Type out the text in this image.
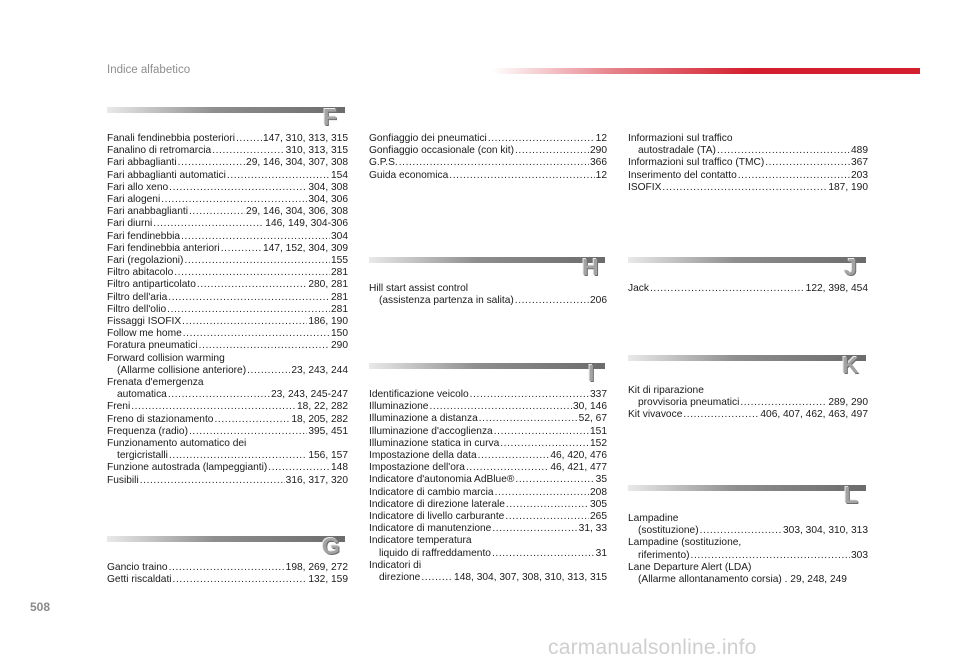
Indice alfabetico
F
Fanali fendinebbia posteriori .....	147, 310, 313, 315
Fanalino di retromarcia .....	310, 313, 315
Fari abbaglianti .....	29, 146, 304, 307, 308
Fari abbaglianti automatici .....	154
Fari allo xeno .....	304, 308
Fari alogeni .....	304, 306
Fari anabbaglianti .....	29, 146, 304, 306, 308
Fari diurni .....	146, 149, 304-306
Fari fendinebbia .....	304
Fari fendinebbia anteriori .....	147, 152, 304, 309
Fari (regolazioni) .....	155
Filtro abitacolo .....	281
Filtro antiparticolato .....	280, 281
Filtro dell'aria .....	281
Filtro dell'olio .....	281
Fissaggi ISOFIX .....	186, 190
Follow me home .....	150
Foratura pneumatici .....	290
Forward collision warming
(Allarme collisione anteriore) .....	23, 243, 244
Frenata d'emergenza
automatica .....	23, 243, 245-247
Freni .....	18, 22, 282
Freno di stazionamento .....	18, 205, 282
Frequenza (radio) .....	395, 451
Funzionamento automatico dei
tergicristalli .....	156, 157
Funzione autostrada (lampeggianti) .....	148
Fusibili .....	316, 317, 320
G
Gancio traino .....	198, 269, 272
Getti riscaldati .....	132, 159
Gonfiaggio dei pneumatici .....	12
Gonfiaggio occasionale (con kit) .....	290
G.P.S. .....	366
Guida economica .....	12
H
Hill start assist control
(assistenza partenza in salita) .....	206
I
Identificazione veicolo .....	337
Illuminazione .....	30, 146
Illuminazione a distanza .....	52, 67
Illuminazione d'accoglienza .....	151
Illuminazione statica in curva .....	152
Impostazione della data .....	46, 420, 476
Impostazione dell'ora .....	46, 421, 477
Indicatore d'autonomia AdBlue® .....	35
Indicatore di cambio marcia .....	208
Indicatore di direzione laterale .....	305
Indicatore di livello carburante .....	265
Indicatore di manutenzione .....	31, 33
Indicatore temperatura
liquido di raffreddamento .....	31
Indicatori di
direzione .....	148, 304, 307, 308, 310, 313, 315
Informazioni sul traffico
autostradale (TA) .....	489
Informazioni sul traffico (TMC) .....	367
Inserimento del contatto .....	203
ISOFIX .....	187, 190
J
Jack .....	122, 398, 454
K
Kit di riparazione
provvisoria pneumatici .....	289, 290
Kit vivavoce .....	406, 407, 462, 463, 497
L
Lampadine
(sostituzione) .....	303, 304, 310, 313
Lampadine (sostituzione,
riferimento) .....	303
Lane Departure Alert (LDA)
(Allarme allontanamento corsia) . 29, 248, 249
508
carmanualsonline.info
